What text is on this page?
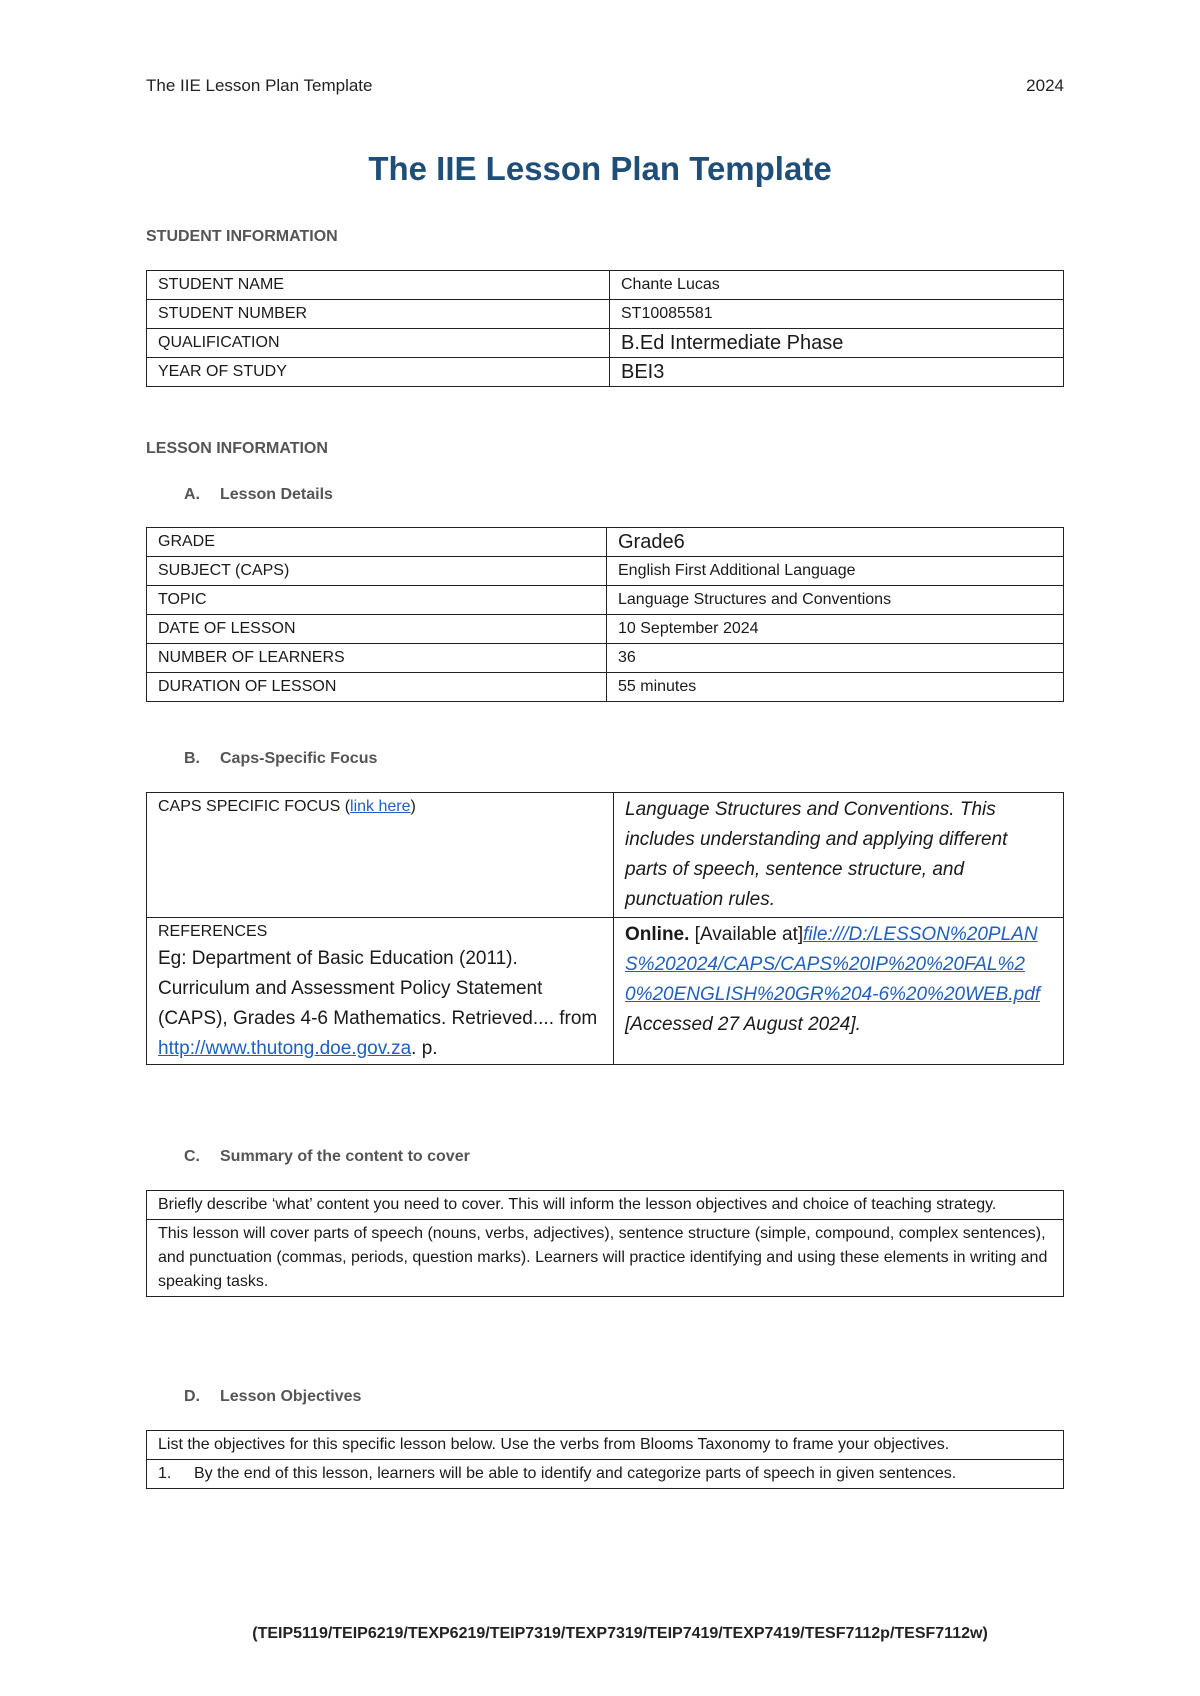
The IIE Lesson Plan Template	2024
The IIE Lesson Plan Template
STUDENT INFORMATION
STUDENT NAME	Chante Lucas
STUDENT NUMBER	ST10085581
QUALIFICATION	B.Ed Intermediate Phase
YEAR OF STUDY	BEI3
LESSON INFORMATION
A. Lesson Details
GRADE	Grade6
SUBJECT (CAPS)	English First Additional Language
TOPIC	Language Structures and Conventions
DATE OF LESSON	10 September 2024
NUMBER OF LEARNERS	36
DURATION OF LESSON	55 minutes
B. Caps-Specific Focus
CAPS SPECIFIC FOCUS (link here)	Language Structures and Conventions. This includes understanding and applying different parts of speech, sentence structure, and punctuation rules.

REFERENCES
Eg: Department of Basic Education (2011). Curriculum and Assessment Policy Statement (CAPS), Grades 4-6 Mathematics. Retrieved.... from http://www.thutong.doe.gov.za. p.	Online. [Available at]file:///D:/LESSON%20PLANS%202024/CAPS/CAPS%20IP%20%20FAL%20%20ENGLISH%20GR%204-6%20%20WEB.pdf [Accessed 27 August 2024].
C. Summary of the content to cover
Briefly describe ‘what’ content you need to cover. This will inform the lesson objectives and choice of teaching strategy.
This lesson will cover parts of speech (nouns, verbs, adjectives), sentence structure (simple, compound, complex sentences), and punctuation (commas, periods, question marks). Learners will practice identifying and using these elements in writing and speaking tasks.
D. Lesson Objectives
List the objectives for this specific lesson below. Use the verbs from Blooms Taxonomy to frame your objectives.

1.	By the end of this lesson, learners will be able to identify and categorize parts of speech in given sentences.
(TEIP5119/TEIP6219/TEXP6219/TEIP7319/TEXP7319/TEIP7419/TEXP7419/TESF7112p/TESF7112w)
